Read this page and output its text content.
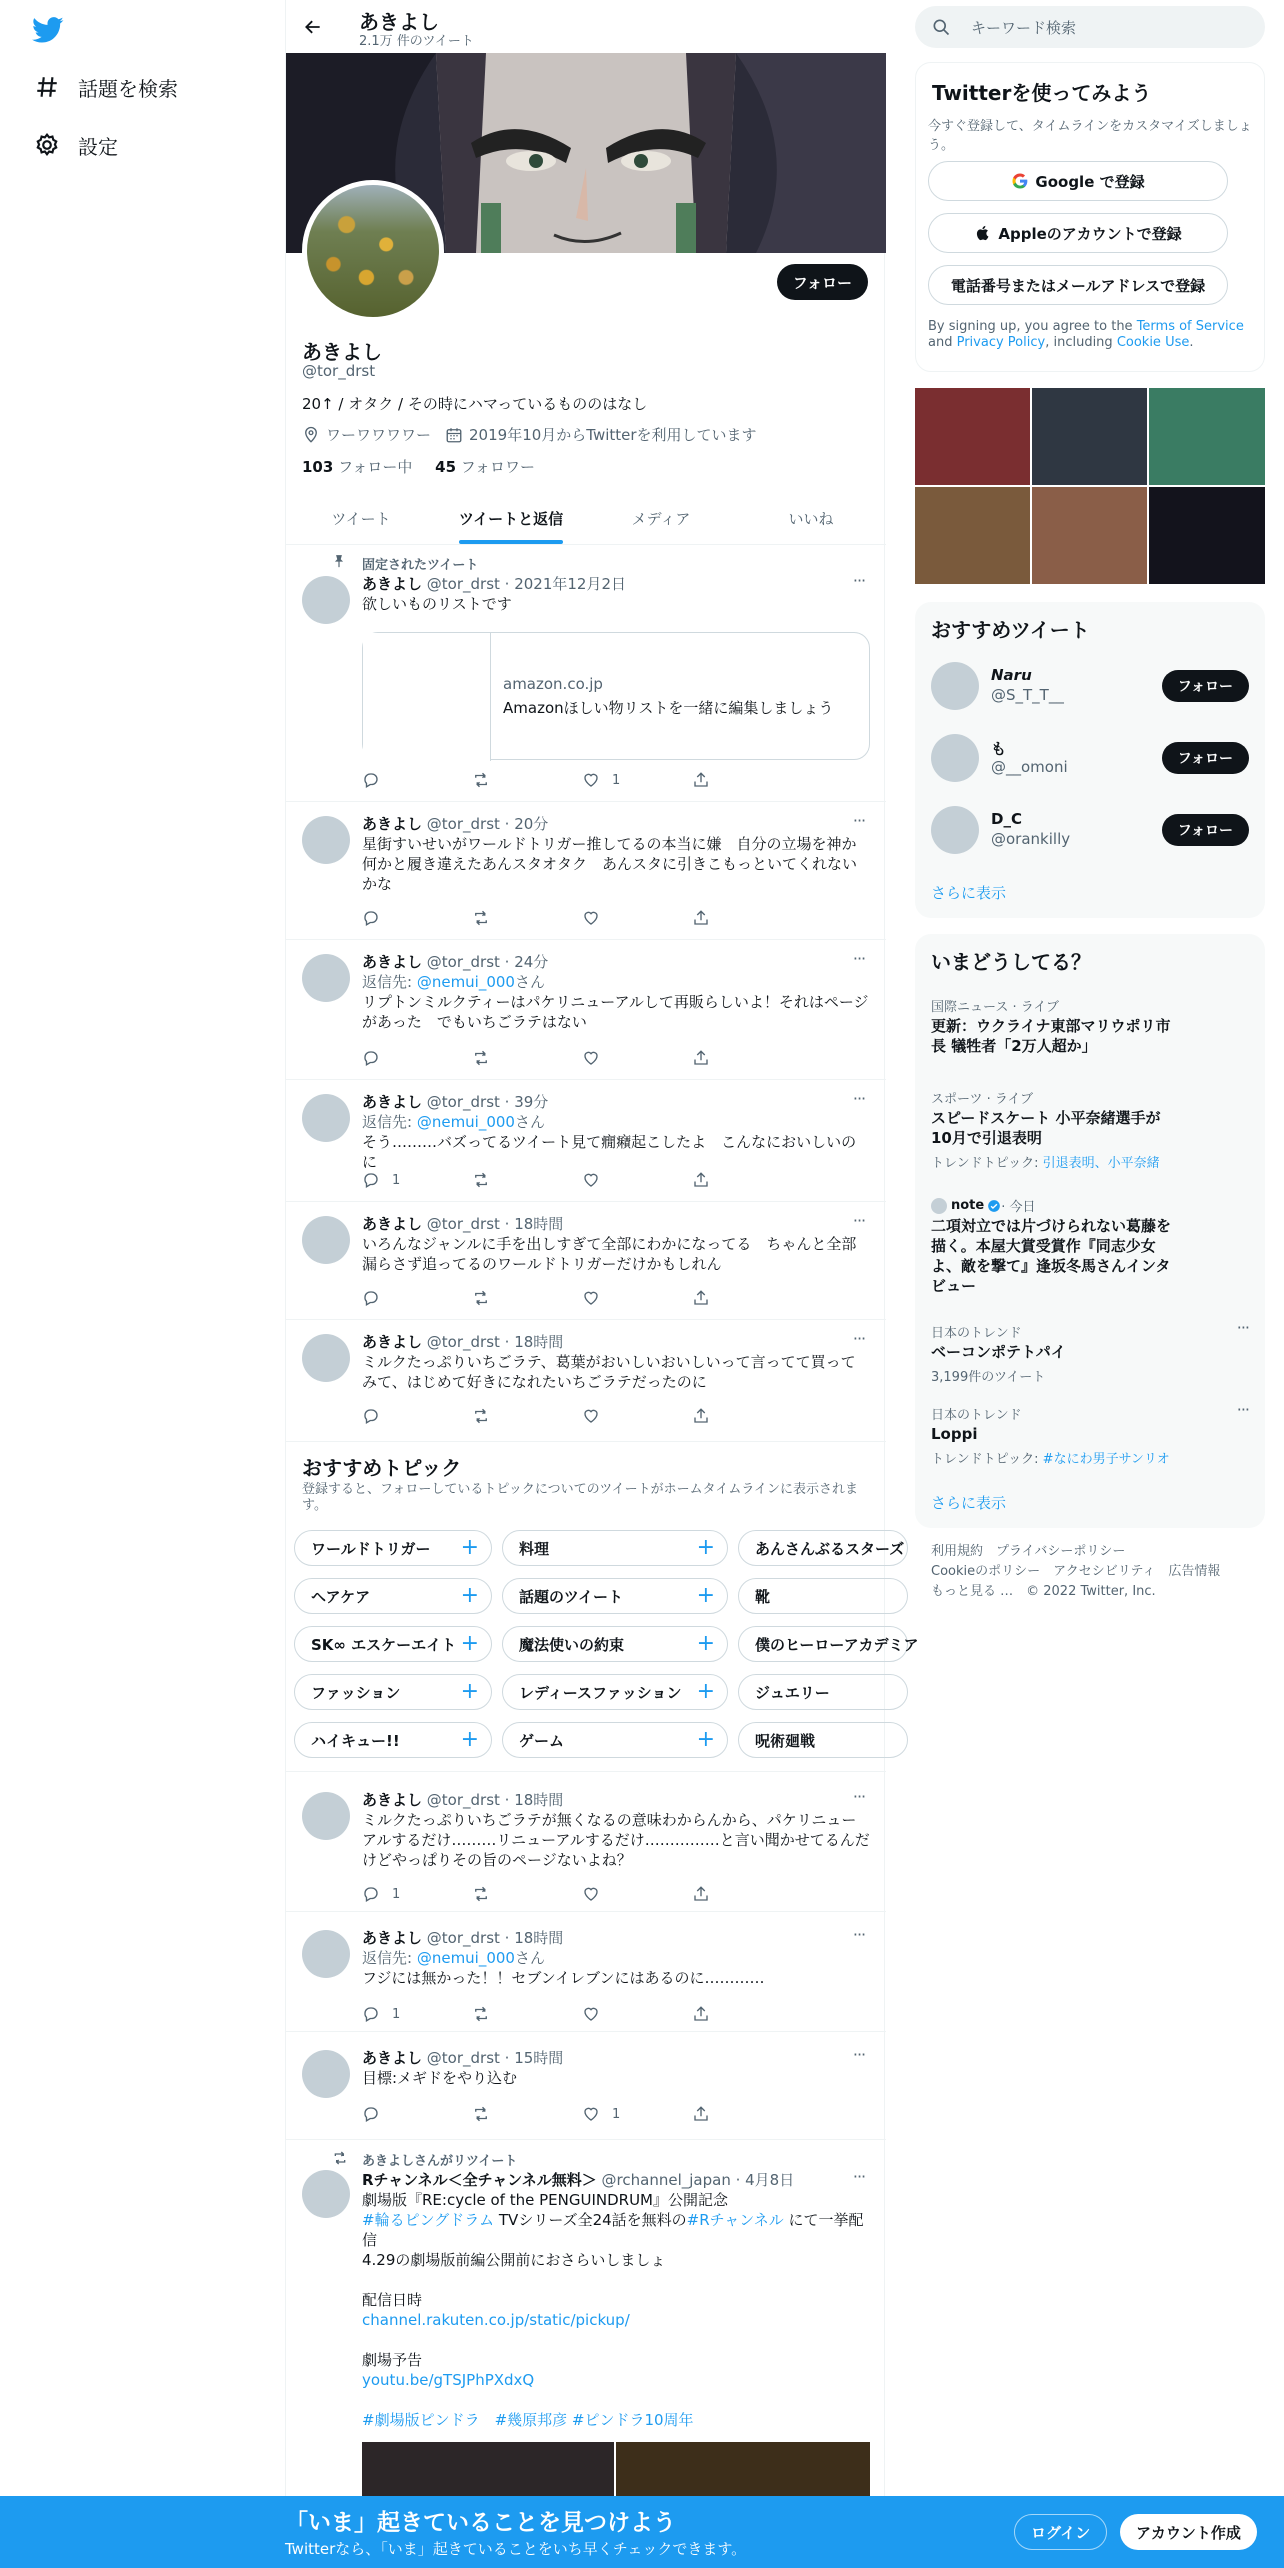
話題を検索
設定
あきよし
2.1万 件のツイート
フォロー
あきよし
@tor_drst
20↑ / オタク / その時にハマっているもののはなし
ワーワワワワー	2019年10月からTwitterを利用しています
103 フォロー中 45 フォロワー
ツイート	ツイートと返信	メディア	いいね
固定されたツイート
あきよし @tor_drst · 2021年12月2日
欲しいものリストです
···
amazon.co.jp
Amazonほしい物リストを一緒に編集しましょう
1
あきよし @tor_drst · 20分
星街すいせいがワールドトリガー推してるの本当に嫌　自分の立場を神か何かと履き違えたあんスタオタク　あんスタに引きこもっといてくれないかな
···
あきよし @tor_drst · 24分
返信先: @nemui_000さん
リプトンミルクティーはパケリニューアルして再販らしいよ！それはページがあった　でもいちごラテはない
···
あきよし @tor_drst · 39分
返信先: @nemui_000さん
そう………バズってるツイート見て癇癪起こしたよ　こんなにおいしいのに
···
1
あきよし @tor_drst · 18時間
いろんなジャンルに手を出しすぎて全部にわかになってる　ちゃんと全部漏らさず追ってるのワールドトリガーだけかもしれん
···
あきよし @tor_drst · 18時間
ミルクたっぷりいちごラテ、葛葉がおいしいおいしいって言ってて買ってみて、はじめて好きになれたいちごラテだったのに
···
おすすめトピック
登録すると、フォローしているトピックについてのツイートがホームタイムラインに表示されます。
ワールドトリガー +	料理	+	あんさんぶるスターズ
ヘアケア	+	話題のツイート	+	靴
SK∞ エスケーエイト +	魔法使いの約束	+	僕のヒーローアカデミア
ファッション	+	レディースファッション +	ジュエリー
ハイキュー!!	+	ゲーム	+	呪術廻戦
あきよし @tor_drst · 18時間
ミルクたっぷりいちごラテが無くなるの意味わからんから、パケリニューアルするだけ………リニューアルするだけ……………と言い聞かせてるんだけどやっぱりその旨のページないよね？
···
1
あきよし @tor_drst · 18時間
返信先: @nemui_000さん
フジには無かった！！セブンイレブンにはあるのに…………
···
1
あきよし @tor_drst · 15時間
目標:メギドをやり込む
···
1
あきよしさんがリツイート
Rチャンネル＜全チャンネル無料＞ @rchannel_japan · 4月8日
劇場版『RE:cycle of the PENGUINDRUM』公開記念
#輪るピングドラム TVシリーズ全24話を無料の#Rチャンネル にて一挙配信
4.29の劇場版前編公開前におさらいしましょ
配信日時
channel.rakuten.co.jp/static/pickup/
劇場予告
youtu.be/gTSJPhPXdxQ
#劇場版ピンドラ　#幾原邦彦 #ピンドラ10周年
···
キーワード検索
Twitterを使ってみよう
今すぐ登録して、タイムラインをカスタマイズしましょう。
Google で登録
Appleのアカウントで登録
電話番号またはメールアドレスで登録
By signing up, you agree to the Terms of Service and Privacy Policy, including Cookie Use.
おすすめツイート
𝙉𝙖𝙧𝙪
@S_T_T__	フォロー
も
@__omoni	フォロー
D_C
@orankilly	フォロー
さらに表示
いまどうしてる？
国際ニュース · ライブ
更新：ウクライナ東部マリウポリ市長 犠牲者「2万人超か」
スポーツ · ライブ
スピードスケート 小平奈緒選手が10月で引退表明
トレンドトピック: 引退表明、小平奈緒
note · 今日
二項対立では片づけられない葛藤を描く。本屋大賞受賞作『同志少女よ、敵を撃て』逢坂冬馬さんインタビュー
日本のトレンド	···
ベーコンポテトパイ
3,199件のツイート
日本のトレンド	···
Loppi
トレンドトピック: #なにわ男子サンリオ
さらに表示
利用規約　プライバシーポリシー
Cookieのポリシー　アクセシビリティ　広告情報
もっと見る …　© 2022 Twitter, Inc.
「いま」起きていることを見つけよう
Twitterなら、「いま」起きていることをいち早くチェックできます。
ログイン	アカウント作成
